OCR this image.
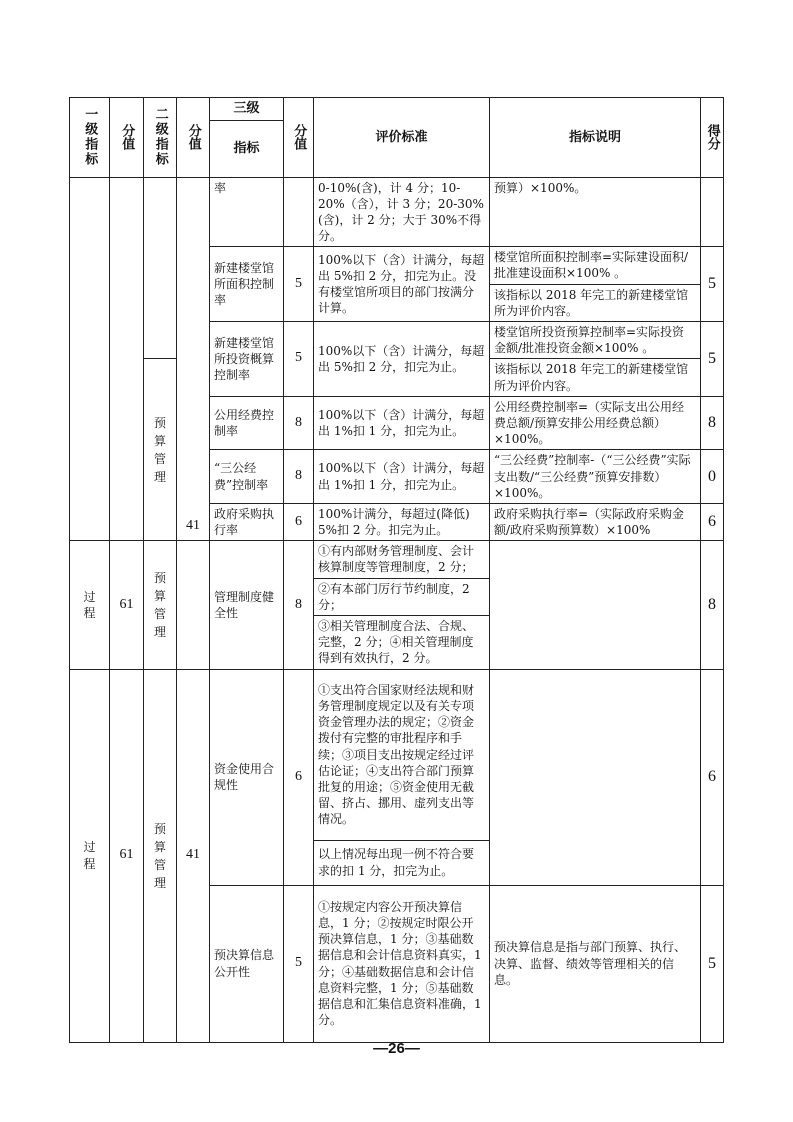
一级指标	分值	二级指标	分值	三级	分值	评价标准	指标说明	得分
				指标				
			41	率		0-10%(含)，计 4 分；10-20%（含），计 3 分；20-30%(含)，计 2 分；大于 30%不得分。	预算）×100%。	
				新建楼堂馆所面积控制率	5	100%以下（含）计满分，每超出 5%扣 2 分，扣完为止。没有楼堂馆所项目的部门按满分计算。	楼堂馆所面积控制率=实际建设面积/批准建设面积×100% 。	5
							该指标以 2018 年完工的新建楼堂馆所为评价内容。	
				新建楼堂馆所投资概算控制率	5	100%以下（含）计满分，每超出 5%扣 2 分，扣完为止。	楼堂馆所投资预算控制率=实际投资金额/批准投资金额×100% 。	5
		预算管理					该指标以 2018 年完工的新建楼堂馆所为评价内容。	
				公用经费控制率	8	100%以下（含）计满分，每超出 1%扣 1 分，扣完为止。	公用经费控制率=（实际支出公用经费总额/预算安排公用经费总额）×100%。	8
				“三公经费”控制率	8	100%以下（含）计满分，每超出 1%扣 1 分，扣完为止。	“三公经费”控制率-（“三公经费”实际支出数/“三公经费”预算安排数）×100%。	0
				政府采购执行率	6	100%计满分，每超过(降低) 5%扣 2 分。扣完为止。	政府采购执行率=（实际政府采购金额/政府采购预算数）×100%	6
过程	61	预算管理		管理制度健全性	8	①有内部财务管理制度、会计核算制度等管理制度，2 分；		8
						②有本部门厉行节约制度，2 分；		
						③相关管理制度合法、合规、完整，2 分；④相关管理制度得到有效执行，2 分。		
过程	61	预算管理	41	资金使用合规性	6	①支出符合国家财经法规和财务管理制度规定以及有关专项资金管理办法的规定；②资金拨付有完整的审批程序和手续；③项目支出按规定经过评估论证；④支出符合部门预算批复的用途；⑤资金使用无截留、挤占、挪用、虚列支出等情况。		6
						以上情况每出现一例不符合要求的扣 1 分，扣完为止。		
				预决算信息公开性	5	①按规定内容公开预决算信息，1 分；②按规定时限公开预决算信息，1 分；③基础数据信息和会计信息资料真实，1 分；④基础数据信息和会计信息资料完整，1 分；⑤基础数据信息和汇集信息资料准确，1 分。	预决算信息是指与部门预算、执行、决算、监督、绩效等管理相关的信息。	5
—26—
